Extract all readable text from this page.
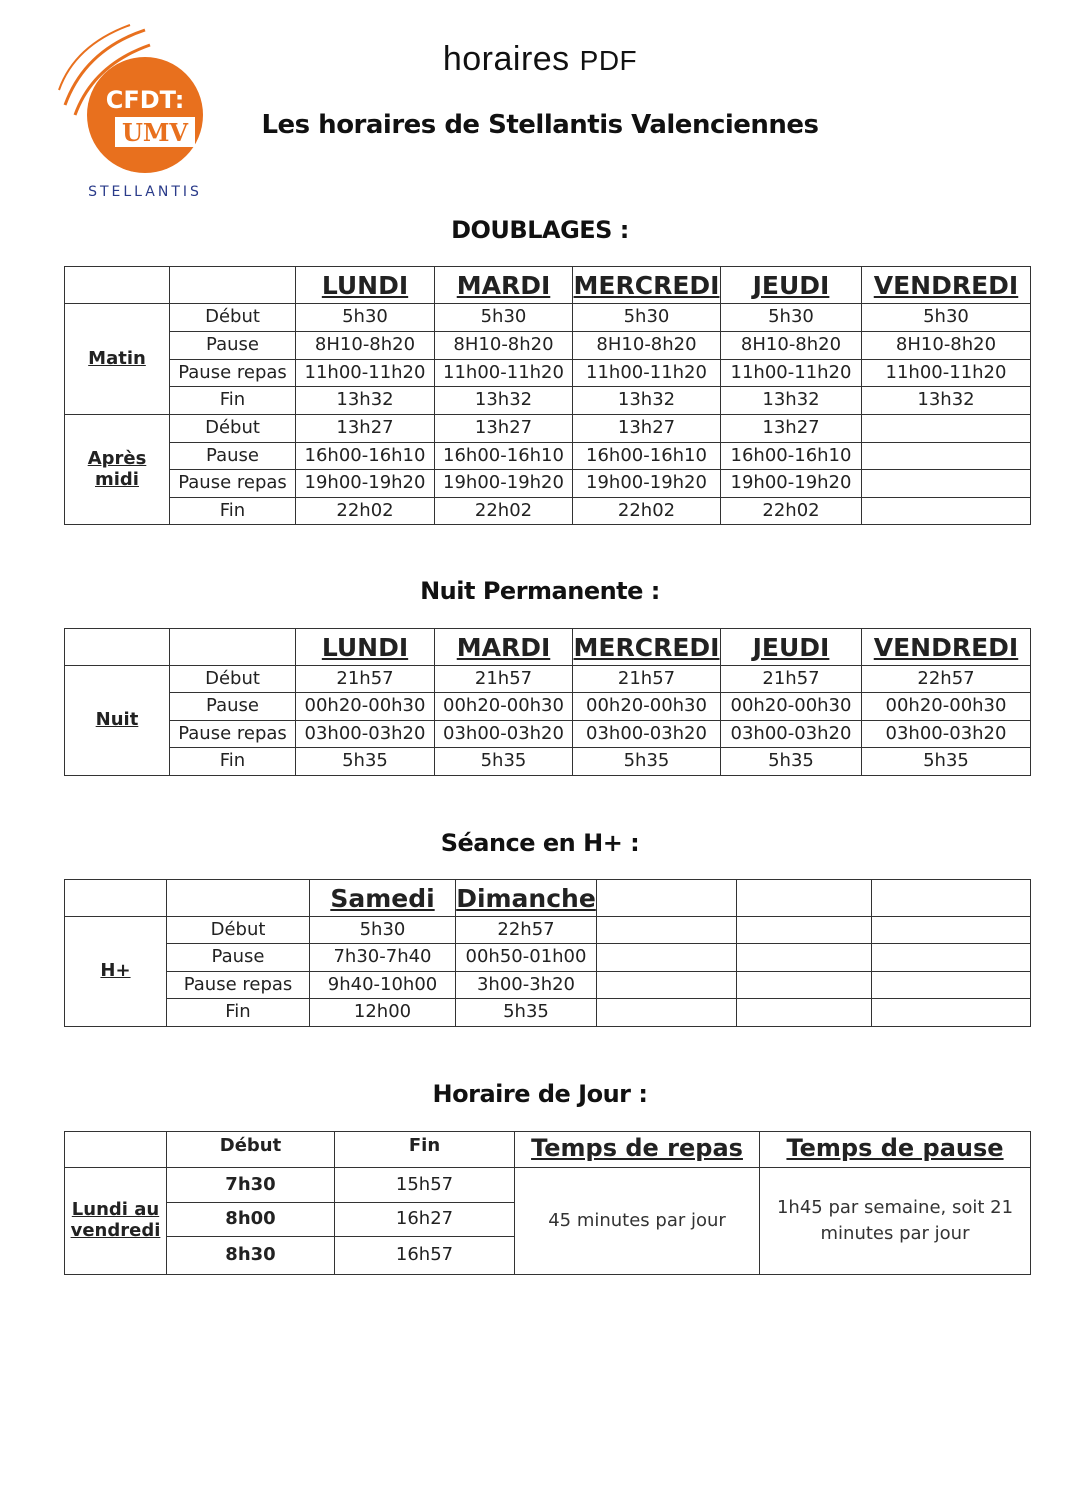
CFDT:
UMV
STELLANTIS
horaires PDF
Les horaires de Stellantis Valenciennes
DOUBLAGES :
		LUNDI	MARDI	MERCREDI	JEUDI	VENDREDI
Matin	Début	5h30	5h30	5h30	5h30	5h30
	Pause	8H10-8h20	8H10-8h20	8H10-8h20	8H10-8h20	8H10-8h20
	Pause repas	11h00-11h20	11h00-11h20	11h00-11h20	11h00-11h20	11h00-11h20
	Fin	13h32	13h32	13h32	13h32	13h32
Après midi	Début	13h27	13h27	13h27	13h27	
	Pause	16h00-16h10	16h00-16h10	16h00-16h10	16h00-16h10	
	Pause repas	19h00-19h20	19h00-19h20	19h00-19h20	19h00-19h20	
	Fin	22h02	22h02	22h02	22h02	
Nuit Permanente :
		LUNDI	MARDI	MERCREDI	JEUDI	VENDREDI
Nuit	Début	21h57	21h57	21h57	21h57	22h57
	Pause	00h20-00h30	00h20-00h30	00h20-00h30	00h20-00h30	00h20-00h30
	Pause repas	03h00-03h20	03h00-03h20	03h00-03h20	03h00-03h20	03h00-03h20
	Fin	5h35	5h35	5h35	5h35	5h35
Séance en H+ :
		Samedi	Dimanche			
H+	Début	5h30	22h57			
	Pause	7h30-7h40	00h50-01h00			
	Pause repas	9h40-10h00	3h00-3h20			
	Fin	12h00	5h35			
Horaire de Jour :
	Début	Fin	Temps de repas	Temps de pause
Lundi au vendredi	7h30	15h57	45 minutes par jour	1h45 par semaine, soit 21 minutes par jour
	8h00	16h27		
	8h30	16h57		
